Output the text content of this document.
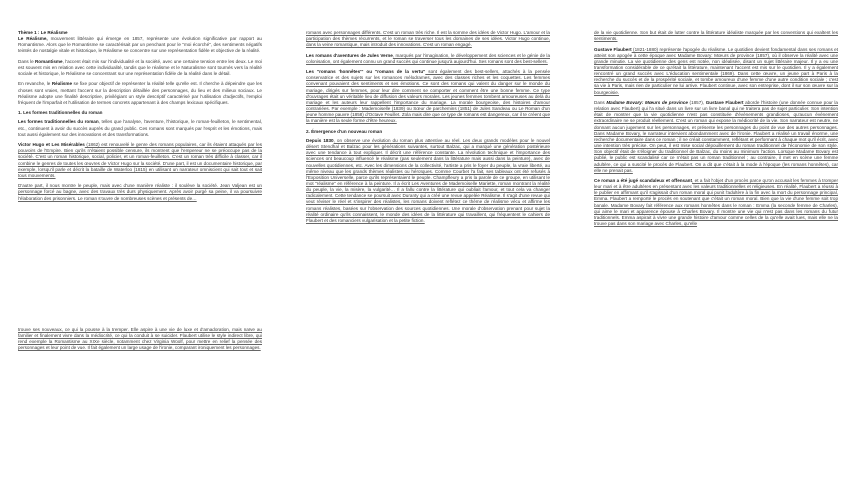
Thème 1 : Le Réalisme
Le Réalisme, mouvement littéraire qui émerge en 1857, représente une évolution significative par rapport au Romantisme. Alors que le Romantisme se caractérisait par un penchant pour le "moi écorché", des sentiments négatifs teintés de nostalgie vitale et historique, le Réalisme se concentre sur une représentation fidèle et objective de la réalité.

Dans le Romantisme, l'accent était mis sur l'individualité et la société, avec une certaine tension entre les deux. Le moi est souvent mis en relation avec cette individualité, tandis que le réalisme et le Naturalisme sont tournés vers la réalité sociale et historique, le Réalisme se concentrant sur une représentation fidèle de la réalité dans le détail.

En revanche, le Réalisme se fixe pour objectif de représenter la réalité telle qu'elle est. Il cherche à dépeindre que les choses sont vraies, mettant l'accent sur la description détaillée des personnages, du lieu et des milieux sociaux. Le Réalisme adopte une finalité descriptive, privilégiant un style descriptif caractérisé par l'utilisation d'adjectifs, l'emploi fréquent de l'imparfait et l'utilisation de termes concrets appartenant à des champs lexicaux spécifiques.

1. Les formes traditionnelles du roman

Les formes traditionnelles du roman, telles que l'analyse, l'aventure, l'historique, le roman-feuilleton, le sentimental, etc., continuent à avoir du succès auprès du grand public. Ces romans sont marqués par l'esprit et les émotions, mais tout aussi également sur des innovations et des transformations.

Victor Hugo et Les Misérables (1862) est renouvelé le genre des romans populaires, car ils étaient attaqués par les pouvoirs de l'Empire. Bien qu'ils n'étaient possible censure, ils montrent que l'empereur ne se préoccupe pas de la société. C'est un roman historique, social, policier, et un roman-feuilleton. C'est un roman très difficile à classer, car il combine le genres de toutes les œuvres de Victor Hugo sur la société. D'une part, il est un documentaire historique, par exemple, lorsqu'il parle et décrit la bataille de Waterloo (1815) en utilisant un narrateur omniscient qui sait tout et sait tous mouvements.

D'autre part, il nous montre le peuple, mais avec d'une manière réaliste : il soulève la société. Jean Valjean est un personnage forcé au bagne, avec des travaux très durs physiquement. Après avoir purgé sa peine, il va poursuivre l'élaboration des prisonniers. Le roman s'ouvre de nombreuses scènes et présents de…

trouve ses nouveaux, ce qui la pousse à la tremper. Elle aspire à une vie de luxe et d'amadoration, mais naïve au familier et finalement vivre dans la médiocrité, ce qui la conduit à se suicider. Flaubert utilise le style indirect libre, qui rend exemple la Romantisme au XIXe siècle, notamment chez Virginia Woolf, pour mettre en relief la pensée des personnages et leur point de vue. Il fait également un large usage de l'ironie, comparant ironiquement les personnages.

romans avec personnages différents. C'est un roman très riche. Il est la somme des idées de Victor Hugo. L'amour et la participation des thèmes récurrents, et le roman se traverser tous les domaines de ses idées. Victor Hugo continue, dans la veine romantique, mais introduit des innovations. C'est un roman engagé.

Les romans d'aventures de Jules Verne, marqués par l'imagination, le développement des sciences et le génie de la colonisation, ont également connu un grand succès qui continue jusqu'à aujourd'hui. Ses romans sont des best-sellers.

Les "romans 'honnêtes'" ou "romans de la vertu" sont également des best-sellers, attachés à la pensée conservatrice et des sujets sur les romances mélodrames, avec des classes riches et les coquettes. Les femmes convenant pouvaient des sentiments et ses émotions. Ce sont des romans qui valent du danger sur le monde du mariage, dirigés sur femmes, pour leur dire comment se comporter et comment être une bonne femme. Ce type d'ouvrages était un véritable lieu de diffusion des valeurs morales. Les jeunes femmes tombent amoureuses au delà du mariage et les auteurs leur rappellent l'importance du mariage. La morale bourgeoise, des histoires d'amour contrariées. Par exemple : Mademoiselle (1839) ou Sœur de parchemins (1851) de Jules Sandeau ou Le Roman d'un jeune homme pauvre (1858) d'Octave Feuillet. Zola mais dire que ce type de romans est dangereux, car il te créent que la manière est la seule forme d'être heureux.

2. Émergence d'un nouveau roman

Depuis 1830, on observe une évolution du roman plus attentive au réel. Les deux grands modèles pour le nouvel désert Stendhal et Balzac pour les générations suivantes, surtout Balzac, qui a marqué une génération postérieure avec une tendance à tout expliquer. Il décrit une référence constante. La révolution technique et l'importance des sciences ont beaucoup influencé le réalisme (pas seulement dans la littérature mais aussi dans la peinture), avec de nouvelles quotidiennes, etc. Avec les dimensions de la collectivité, l'artiste a pris le foyer du peuple, la vraie liberté, au même niveau que les grands thèmes réalistes ou héroïques. Comme Courbet l'a fait, ses tableaux ont été refusés à l'Exposition Universelle, parce qu'ils représentaient le peuple. Champfleury a pris la parole de ce groupe, en utilisant le mot "réalisme" en référence à la peinture. Il a écrit Les Aventures de Mademoiselle Mariette, roman montrant la réalité du peuple, la vie, la misère, la vulgarité… Il a fallu contre la littérature qui oubliait l'amour, et tout cela va changer radicalement. Cette tendance se poursuit avec Duranty qui a créé une revue appelée Réalisme. Il s'agit d'une revue qui veut réviser le réel et s'inspirer des réalistes, les romans doivent reflétez ce thème de réalisme vécu et affirme les romans réalistes, basées sur l'observation des sources quotidiennes. Une morale d'observation prenant pour sujet la réalité ordinaire qu'ils connaissent, le monde des idées de la littérature qui travaillent, qui fréquentent le cahiers de Flaubert et des romanciers vulgarisation et la petite fiction.

de la vie quotidienne. Son but était de lutter contre la littérature idéaliste marquée par les conventions qui exaltent les sentiments.

Gustave Flaubert (1821-1880) représente l'apogée du réalisme. Le quotidien devient fondamental dans ses romans et atteint son apogée à cette époque avec Madame Bovary: Mœurs de province (1857), où il observe la réalité avec une grande minutie. La vie quotidienne des gens est notée, non idéalisée, disant un sujet littéraire majeur. Il y a eu une transformation considérable de ce qu'était la littérature, maintenant l'accent est mis sur le quotidien. Il y a également rencontré un grand succès avec L'éducation sentimentale (1869). Dans cette œuvre, un jeune part à Paris à la recherche du succès et de la prospérité sociale, et tombe amoureux d'une femme d'une autre condition sociale ; c'est sa vie à Paris, mais rien de particulier ne lui arrive. Flaubert continue, avec son entreprise, dont il sur son œuvre sur la bourgeoisie.

Dans Madame Bovary: Mœurs de province (1857), Gustave Flaubert aborde l'histoire (une donnée connue pour la relation avec Flaubert) qui l'a situé dans un livre sur un livre banal qui ne traitera pas de sujet particulier. Son intention était de montrer que la vie quotidienne n'est pas constituée d'évènements grandioses, qu'aucun événement extraordinaire ne se produit réellement. C'est un roman qui expose la médiocrité de la vie. Son narrateur est neutre, ne donnant aucun jugement sur les personnages, et présente les personnages du point de vue des autres personnages. Dans Madame Bovary, le narrateur intervient abondamment avec de l'ironie. Flaubert a réalisé un travail énorme, une recherche documentaire dans ce roman ; il ne créait constamment, reflétant et performant à chaque mot qu'il écrit, avec une intention très précise. On peut, il est mise social dépouillement du roman traditionnel de l'économie de son style. Son objectif était de s'éloigner du traditionnel de Balzac, du moins au minimum l'action. Lorsque Madame Bovary est publié, le public est scandalisé car ce n'était pas un roman traditionnel ; au contraire, il met en scène une femme adultère, ce qui a suscité le procès de Flaubert. On a dit que c'était à la mode à l'époque (les romans honnêtes), car elle ne prenait pas.

Ce roman a été jugé scandaleux et offensant, et a fait l'objet d'un procès parce qu'on accusait les femmes à tromper leur mari et à être adultères en présentant avec les valeurs traditionnelles et religieuses. En réalité, Flaubert a réussi à le publier en affirmant qu'il s'agissait d'un roman moral qui punit l'adultère à la fin avec la mort du personnage principal, Emma. Flaubert a remporté le procès en soutenant que c'était un roman moral. Bien que la vie d'une femme soit trop banale. Madame Bovary fait référence aux romans honnêtes dans le roman : Emma (la seconde femme de Charles), qui aime le mari et apparence épouse à Charles Bovary. Il montre une vie qui n'est pas dans les romans du futur traditionnels. Emma aspirait à vivre une grande histoire d'amour comme celles de la qu'elle avait lues, mais elle ne la trouve pas dans son mariage avec Charles, qu'elle
